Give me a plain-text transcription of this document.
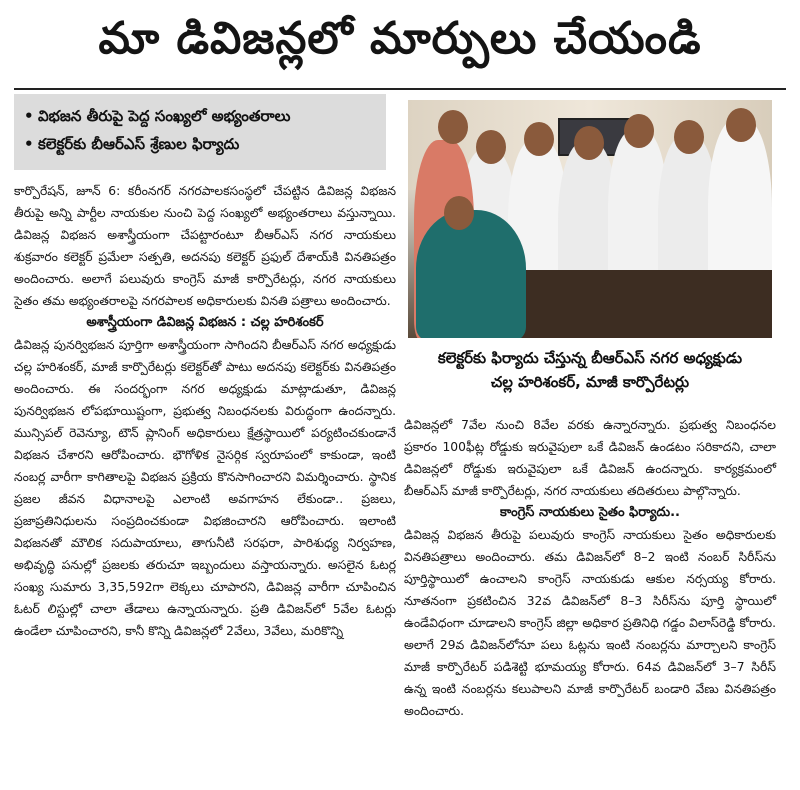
మా డివిజన్లలో మార్పులు చేయండి
• విభజన తీరుపై పెద్ద సంఖ్యలో అభ్యంతరాలు
• కలెక్టర్‌కు బీఆర్‌ఎస్ శ్రేణుల ఫిర్యాదు
కలెక్టర్‌కు ఫిర్యాదు చేస్తున్న బీఆర్‌ఎస్ నగర అధ్యక్షుడు
చల్ల హరిశంకర్, మాజీ కార్పొరేటర్లు

కార్పొరేషన్, జూన్ 6: కరీంనగర్ నగరపాలకసంస్థలో చేపట్టిన డివిజన్ల విభజన తీరుపై అన్ని పార్టీల నాయకుల నుంచి పెద్ద సంఖ్యలో అభ్యంతరాలు వస్తున్నాయి. డివిజన్ల విభజన అశాస్త్రీయంగా చేపట్టారంటూ బీఆర్‌ఎస్ నగర నాయకులు శుక్రవారం కలెక్టర్ ప్రమేలా సత్పతి, అదనపు కలెక్టర్ ప్రఫుల్ దేశాయ్‌కి వినతిపత్రం అందించారు. అలాగే పలువురు కాంగ్రెస్ మాజీ కార్పొరేటర్లు, నగర నాయకులు సైతం తమ అభ్యంతరాలపై నగరపాలక అధికారులకు వినతి పత్రాలు అందించారు.

అశాస్త్రీయంగా డివిజన్ల విభజన : చల్ల హరిశంకర్

డివిజన్ల పునర్విభజన పూర్తిగా అశాస్త్రీయంగా సాగిందని బీఆర్‌ఎస్ నగర అధ్యక్షుడు చల్ల హరిశంకర్, మాజీ కార్పొరేటర్లు కలెక్టర్‌తో పాటు అదనపు కలెక్టర్‌కు వినతిపత్రం అందించారు. ఈ సందర్భంగా నగర అధ్యక్షుడు మాట్లాడుతూ, డివిజన్ల పునర్విభజన లోపభూయిష్టంగా, ప్రభుత్వ నిబంధనలకు విరుద్ధంగా ఉందన్నారు. మున్సిపల్ రెవెన్యూ, టౌన్ ప్లానింగ్ అధికారులు క్షేత్రస్థాయిలో పర్యటించకుండానే విభజన చేశారని ఆరోపించారు. భౌగోళిక నైసర్గిక స్వరూపంలో కాకుండా, ఇంటి నంబర్ల వారీగా కాగితాలపై విభజన ప్రక్రియ కొనసాగించారని విమర్శించారు. స్థానిక ప్రజల జీవన విధానాలపై ఎలాంటి అవగాహన లేకుండా.. ప్రజలు, ప్రజాప్రతినిధులను సంప్రదించకుండా విభజించారని ఆరోపించారు. ఇలాంటి విభజనతో మౌలిక సదుపాయాలు, తాగునీటి సరఫరా, పారిశుధ్య నిర్వహణ, అభివృద్ధి పనుల్లో ప్రజలకు తరుచూ ఇబ్బందులు వస్తాయన్నారు. అసలైన ఓటర్ల సంఖ్య సుమారు 3,35,592గా లెక్కలు చూపారని, డివిజన్ల వారీగా చూపించిన ఓటర్ లిస్టుల్లో చాలా తేడాలు ఉన్నాయన్నారు. ప్రతి డివిజన్‌లో 5వేల ఓటర్లు ఉండేలా చూపించారని, కానీ కొన్ని డివిజన్లలో 2వేలు, 3వేలు, మరికొన్ని

డివిజన్లలో 7వేల నుంచి 8వేల వరకు ఉన్నారన్నారు. ప్రభుత్వ నిబంధనల ప్రకారం 100ఫీట్ల రోడ్డుకు ఇరువైపులా ఒకే డివిజన్ ఉండటం సరికాదని, చాలా డివిజన్లలో రోడ్డుకు ఇరువైపులా ఒకే డివిజన్ ఉందన్నారు. కార్యక్రమంలో బీఆర్‌ఎస్ మాజీ కార్పొరేటర్లు, నగర నాయకులు తదితరులు పాల్గొన్నారు.

కాంగ్రెస్ నాయకులు సైతం ఫిర్యాదు..

డివిజన్ల విభజన తీరుపై పలువురు కాంగ్రెస్ నాయకులు సైతం అధికారులకు వినతిపత్రాలు అందించారు. తమ డివిజన్‌లో 8–2 ఇంటి నంబర్ సిరీస్‌ను పూర్తిస్థాయిలో ఉంచాలని కాంగ్రెస్ నాయకుడు ఆకుల నర్సయ్య కోరారు. నూతనంగా ప్రకటించిన 32వ డివిజన్‌లో 8–3 సిరీస్‌ను పూర్తి స్థాయిలో ఉండేవిధంగా చూడాలని కాంగ్రెస్ జిల్లా అధికార ప్రతినిధి గడ్డం విలాస్‌రెడ్డి కోరారు. అలాగే 29వ డివిజన్‌లోనూ పలు ఓట్లను ఇంటి నంబర్లను మార్చాలని కాంగ్రెస్ మాజీ కార్పొరేటర్ పడిశెట్టి భూమయ్య కోరారు. 64వ డివిజన్‌లో 3–7 సిరీస్ ఉన్న ఇంటి నంబర్లను కలుపాలని మాజీ కార్పొరేటర్ బండారి వేణు వినతిపత్రం అందించారు.
